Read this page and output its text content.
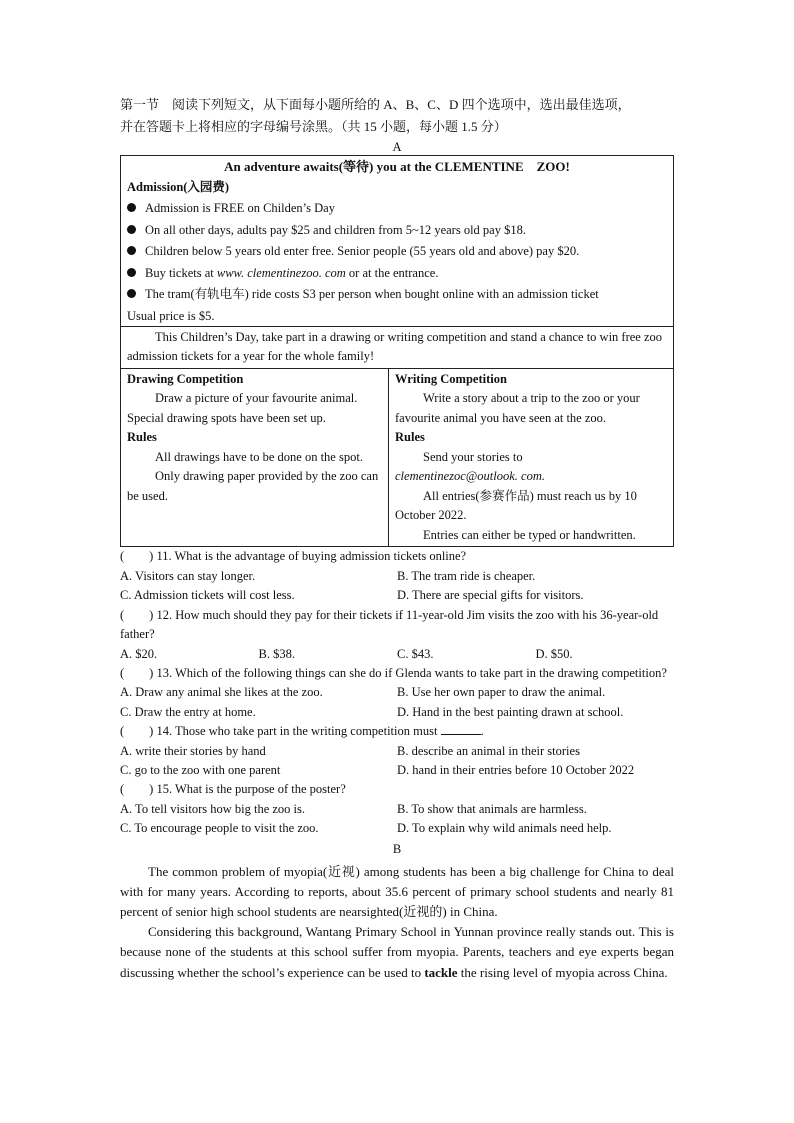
第一节　阅读下列短文，从下面每小题所给的 A、B、C、D 四个选项中，选出最佳选项，
并在答题卡上将相应的字母编号涂黑。（共 15 小题，每小题 1.5 分）
A
An adventure awaits(等待) you at the CLEMENTINE　ZOO!
Admission(入园费)
Admission is FREE on Childen’s Day
On all other days, adults pay $25 and children from 5~12 years old pay $18.
Children below 5 years old enter free. Senior people (55 years old and above) pay $20.
Buy tickets at www. clementinezoo. com or at the entrance.
The tram(有轨电车) ride costs S3 per person when bought online with an admission ticket
Usual price is $5.

This Children’s Day, take part in a drawing or writing competition and stand a chance to win free zoo admission tickets for a year for the whole family!

Drawing Competition
Draw a picture of your favourite animal. Special drawing spots have been set up.
Rules
All drawings have to be done on the spot.
Only drawing paper provided by the zoo can be used.

Writing Competition
Write a story about a trip to the zoo or your favourite animal you have seen at the zoo.
Rules
Send your stories to
clementinezoc@outlook. com.
All entries(参赛作品) must reach us by 10 October 2022.
Entries can either be typed or handwritten.
(　　) 11. What is the advantage of buying admission tickets online?
A. Visitors can stay longer.	B. The tram ride is cheaper.
C. Admission tickets will cost less.	D. There are special gifts for visitors.
(　　) 12. How much should they pay for their tickets if 11-year-old Jim visits the zoo with his 36-year-old father?
A. $20.	B. $38.	C. $43.	D. $50.
(　　) 13. Which of the following things can she do if Glenda wants to take part in the drawing competition?
A. Draw any animal she likes at the zoo.	B. Use her own paper to draw the animal.
C. Draw the entry at home.	D. Hand in the best painting drawn at school.
(　　) 14. Those who take part in the writing competition must	.
A. write their stories by hand	B. describe an animal in their stories
C. go to the zoo with one parent	D. hand in their entries before 10 October 2022
(　　) 15. What is the purpose of the poster?
A. To tell visitors how big the zoo is.	B. To show that animals are harmless.
C. To encourage people to visit the zoo.	D. To explain why wild animals need help.
B
The common problem of myopia(近视) among students has been a big challenge for China to deal with for many years. According to reports, about 35.6 percent of primary school students and nearly 81 percent of senior high school students are nearsighted(近视的) in China.
Considering this background, Wantang Primary School in Yunnan province really stands out. This is because none of the students at this school suffer from myopia. Parents, teachers and eye experts began discussing whether the school’s experience can be used to tackle the rising level of myopia across China.
